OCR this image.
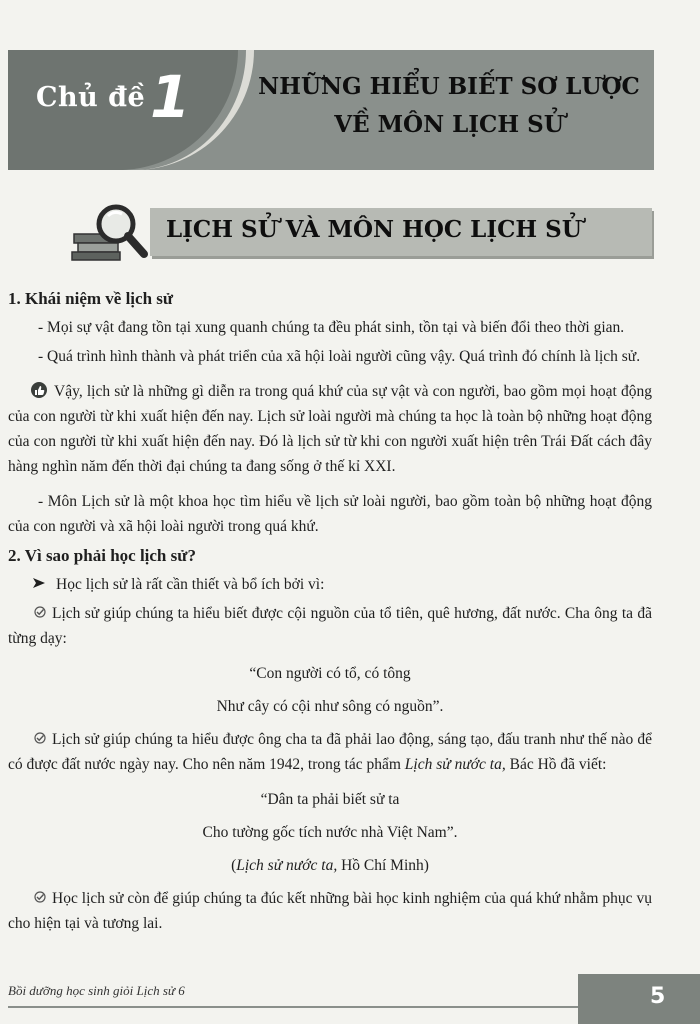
Chủ đề 1	NHỮNG HIỂU BIẾT SƠ LƯỢC
VỀ MÔN LỊCH SỬ
LỊCH SỬ VÀ MÔN HỌC LỊCH SỬ
1. Khái niệm về lịch sử

- Mọi sự vật đang tồn tại xung quanh chúng ta đều phát sinh, tồn tại và biến đổi theo thời gian.

- Quá trình hình thành và phát triển của xã hội loài người cũng vậy. Quá trình đó chính là lịch sử.

Vậy, lịch sử là những gì diễn ra trong quá khứ của sự vật và con người, bao gồm mọi hoạt động của con người từ khi xuất hiện đến nay. Lịch sử loài người mà chúng ta học là toàn bộ những hoạt động của con người từ khi xuất hiện đến nay. Đó là lịch sử từ khi con người xuất hiện trên Trái Đất cách đây hàng nghìn năm đến thời đại chúng ta đang sống ở thế kỉ XXI.

- Môn Lịch sử là một khoa học tìm hiểu về lịch sử loài người, bao gồm toàn bộ những hoạt động của con người và xã hội loài người trong quá khứ.

2. Vì sao phải học lịch sử?

Học lịch sử là rất cần thiết và bổ ích bởi vì:

Lịch sử giúp chúng ta hiểu biết được cội nguồn của tổ tiên, quê hương, đất nước. Cha ông ta đã từng dạy:

“Con người có tổ, có tông
Như cây có cội như sông có nguồn”.

Lịch sử giúp chúng ta hiểu được ông cha ta đã phải lao động, sáng tạo, đấu tranh như thế nào để có được đất nước ngày nay. Cho nên năm 1942, trong tác phẩm Lịch sử nước ta, Bác Hồ đã viết:

“Dân ta phải biết sử ta
Cho tường gốc tích nước nhà Việt Nam”.
(Lịch sử nước ta, Hồ Chí Minh)

Học lịch sử còn để giúp chúng ta đúc kết những bài học kinh nghiệm của quá khứ nhằm phục vụ cho hiện tại và tương lai.

Bồi dưỡng học sinh giỏi Lịch sử 6	5
